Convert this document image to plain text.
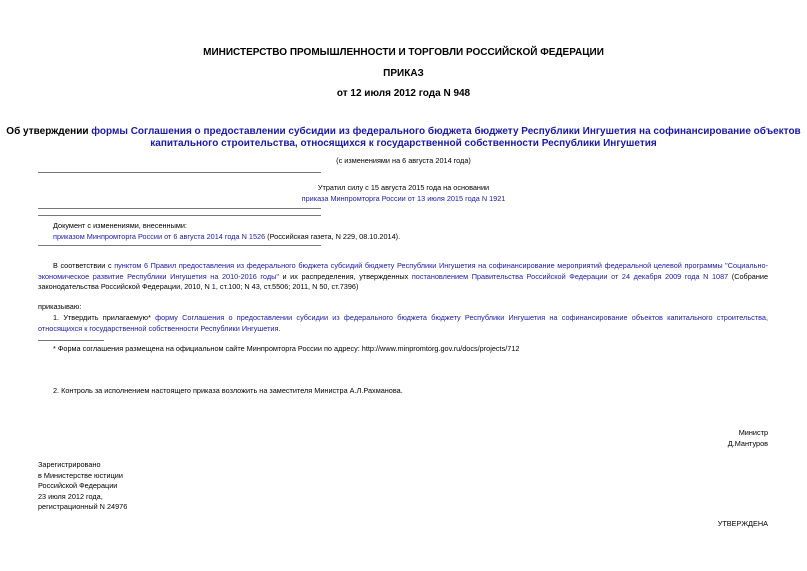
МИНИСТЕРСТВО ПРОМЫШЛЕННОСТИ И ТОРГОВЛИ РОССИЙСКОЙ ФЕДЕРАЦИИ
ПРИКАЗ
от 12 июля 2012 года N 948
Об утверждении формы Соглашения о предоставлении субсидии из федерального бюджета бюджету Республики Ингушетия на софинансирование объектов
капитального строительства, относящихся к государственной собственности Республики Ингушетия
(с изменениями на 6 августа 2014 года)
Утратил силу с 15 августа 2015 года на основании
приказа Минпромторга России от 13 июля 2015 года N 1921
Документ с изменениями, внесенными:
приказом Минпромторга России от 6 августа 2014 года N 1526 (Российская газета, N 229, 08.10.2014).
В соответствии с пунктом 6 Правил предоставления из федерального бюджета субсидий бюджету Республики Ингушетия на софинансирование мероприятий федеральной целевой программы "Социально-экономическое развитие Республики Ингушетия на 2010-2016 годы" и их распределения, утвержденных постановлением Правительства Российской Федерации от 24 декабря 2009 года N 1087 (Собрание законодательства Российской Федерации, 2010, N 1, ст.100; N 43, ст.5506; 2011, N 50, ст.7396)
приказываю:
1. Утвердить прилагаемую* форму Соглашения о предоставлении субсидии из федерального бюджета бюджету Республики Ингушетия на софинансирование объектов капитального строительства, относящихся к государственной собственности Республики Ингушетия.
* Форма соглашения размещена на официальном сайте Минпромторга России по адресу: http://www.minpromtorg.gov.ru/docs/projects/712
2. Контроль за исполнением настоящего приказа возложить на заместителя Министра А.Л.Рахманова.
Министр
Д.Мантуров
Зарегистрировано
в Министерстве юстиции
Российской Федерации
23 июля 2012 года,
регистрационный N 24976
УТВЕРЖДЕНА
